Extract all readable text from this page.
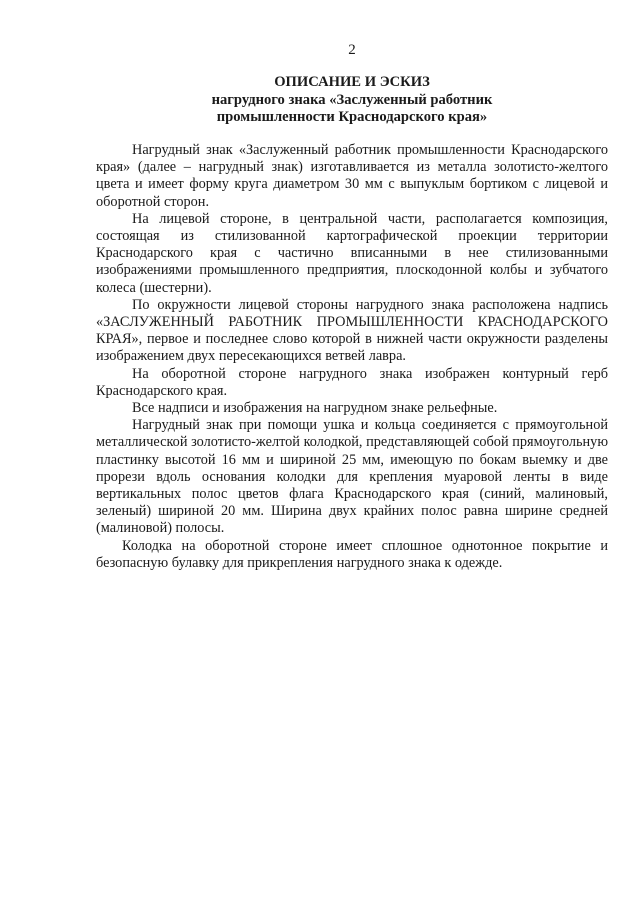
2
ОПИСАНИЕ И ЭСКИЗ
нагрудного знака «Заслуженный работник
промышленности Краснодарского края»

Нагрудный знак «Заслуженный работник промышленности Краснодарского края» (далее – нагрудный знак) изготавливается из металла золотисто-желтого цвета и имеет форму круга диаметром 30 мм с выпуклым бортиком с лицевой и оборотной сторон.

На лицевой стороне, в центральной части, располагается композиция, состоящая из стилизованной картографической проекции территории Краснодарского края с частично вписанными в нее стилизованными изображениями промышленного предприятия, плоскодонной колбы и зубчатого колеса (шестерни).

По окружности лицевой стороны нагрудного знака расположена надпись «ЗАСЛУЖЕННЫЙ РАБОТНИК ПРОМЫШЛЕННОСТИ КРАСНОДАРСКОГО КРАЯ», первое и последнее слово которой в нижней части окружности разделены изображением двух пересекающихся ветвей лавра.

На оборотной стороне нагрудного знака изображен контурный герб Краснодарского края.

Все надписи и изображения на нагрудном знаке рельефные.

Нагрудный знак при помощи ушка и кольца соединяется с прямоугольной металлической золотисто-желтой колодкой, представляющей собой прямоугольную пластинку высотой 16 мм и шириной 25 мм, имеющую по бокам выемку и две прорези вдоль основания колодки для крепления муаровой ленты в виде вертикальных полос цветов флага Краснодарского края (синий, малиновый, зеленый) шириной 20 мм. Ширина двух крайних полос равна ширине средней (малиновой) полосы.

Колодка на оборотной стороне имеет сплошное однотонное покрытие и безопасную булавку для прикрепления нагрудного знака к одежде.
